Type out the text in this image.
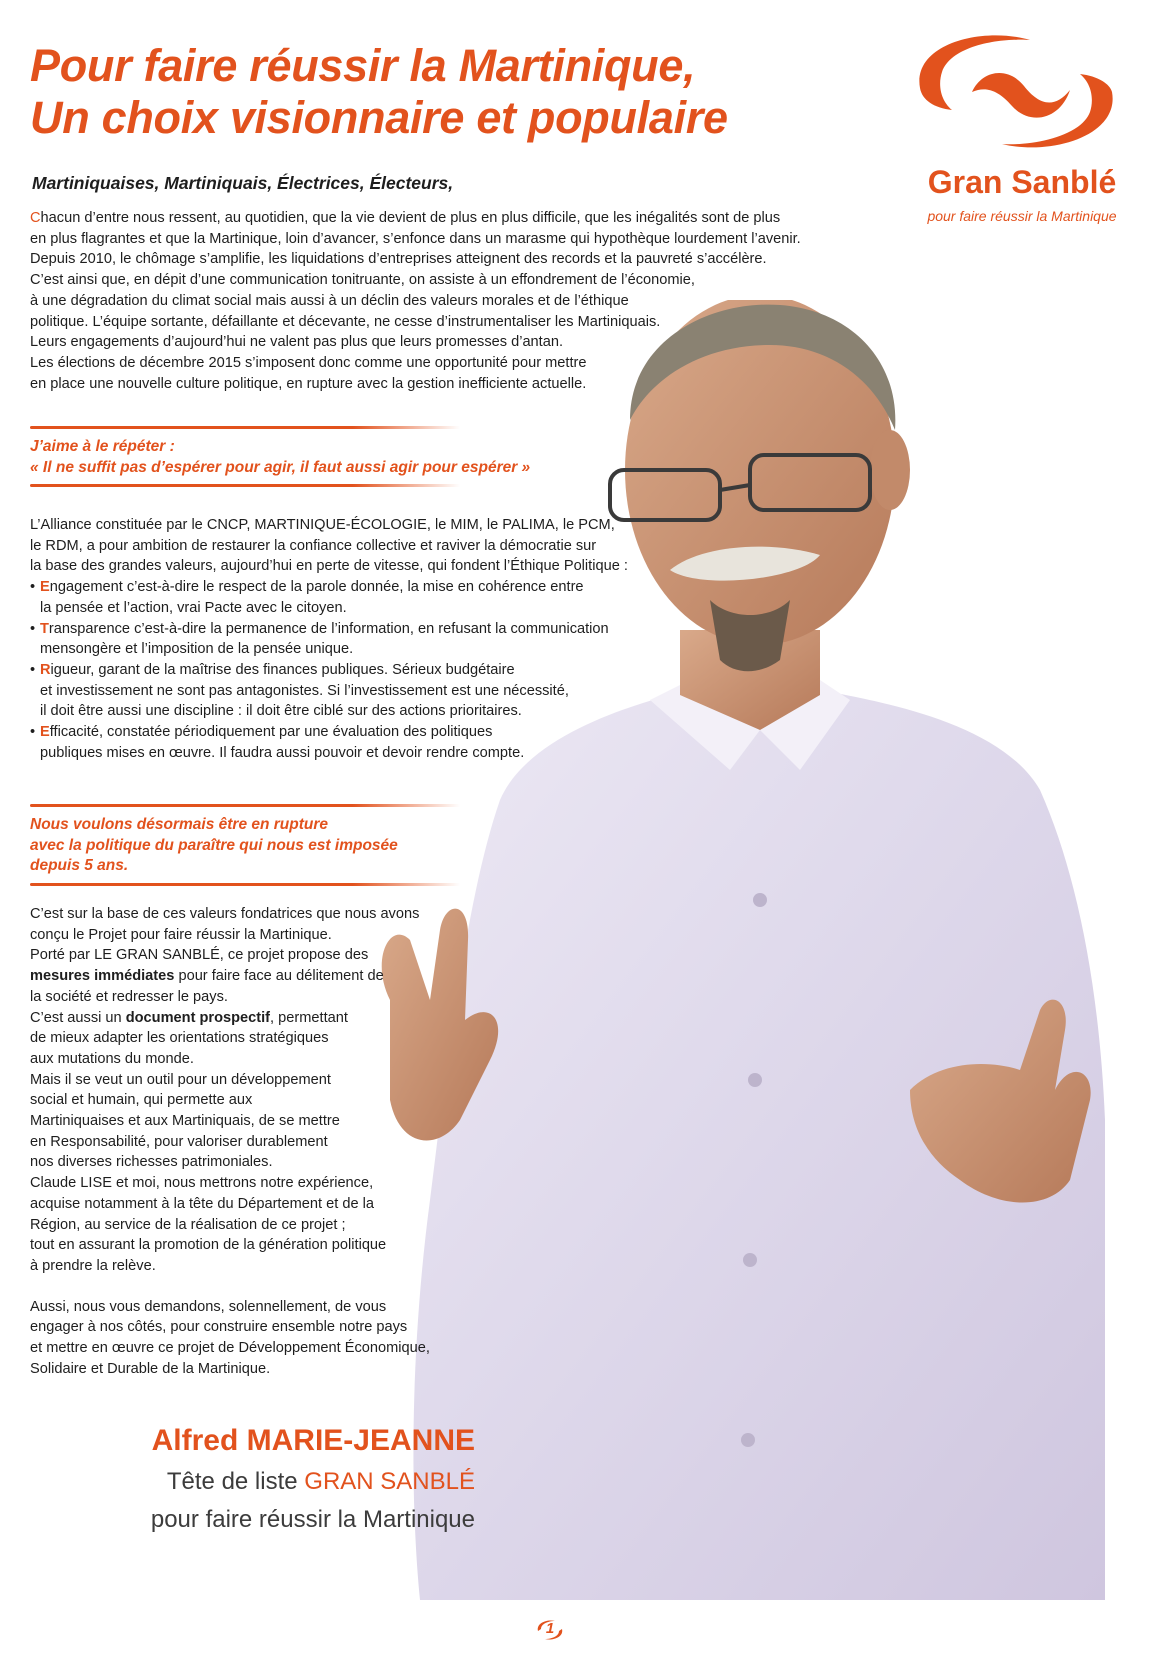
Pour faire réussir la Martinique,
Un choix visionnaire et populaire
Gran Sanblé
pour faire réussir la Martinique

Martiniquaises, Martiniquais, Électrices, Électeurs,

Chacun d’entre nous ressent, au quotidien, que la vie devient de plus en plus difficile, que les inégalités sont de plus
en plus flagrantes et que la Martinique, loin d’avancer, s’enfonce dans un marasme qui hypothèque lourdement l’avenir.
Depuis 2010, le chômage s’amplifie, les liquidations d’entreprises atteignent des records et la pauvreté s’accélère.
C’est ainsi que, en dépit d’une communication tonitruante, on assiste à un effondrement de l’économie,
à une dégradation du climat social mais aussi à un déclin des valeurs morales et de l’éthique
politique. L’équipe sortante, défaillante et décevante, ne cesse d’instrumentaliser les Martiniquais.
Leurs engagements d’aujourd’hui ne valent pas plus que leurs promesses d’antan.
Les élections de décembre 2015 s’imposent donc comme une opportunité pour mettre
en place une nouvelle culture politique, en rupture avec la gestion inefficiente actuelle.

J’aime à le répéter :
« Il ne suffit pas d’espérer pour agir, il faut aussi agir pour espérer »

L’Alliance constituée par le CNCP, MARTINIQUE-ÉCOLOGIE, le MIM, le PALIMA, le PCM,
le RDM, a pour ambition de restaurer la confiance collective et raviver la démocratie sur
la base des grandes valeurs, aujourd’hui en perte de vitesse, qui fondent l’Éthique Politique :
• Engagement c’est-à-dire le respect de la parole donnée, la mise en cohérence entre
la pensée et l’action, vrai Pacte avec le citoyen.
• Transparence c’est-à-dire la permanence de l’information, en refusant la communication
mensongère et l’imposition de la pensée unique.
• Rigueur, garant de la maîtrise des finances publiques. Sérieux budgétaire
et investissement ne sont pas antagonistes. Si l’investissement est une nécessité,
il doit être aussi une discipline : il doit être ciblé sur des actions prioritaires.
• Efficacité, constatée périodiquement par une évaluation des politiques
publiques mises en œuvre. Il faudra aussi pouvoir et devoir rendre compte.

Nous voulons désormais être en rupture
avec la politique du paraître qui nous est imposée
depuis 5 ans.

C’est sur la base de ces valeurs fondatrices que nous avons
conçu le Projet pour faire réussir la Martinique.
Porté par LE GRAN SANBLÉ, ce projet propose des
mesures immédiates pour faire face au délitement de
la société et redresser le pays.
C’est aussi un document prospectif, permettant
de mieux adapter les orientations stratégiques
aux mutations du monde.
Mais il se veut un outil pour un développement
social et humain, qui permette aux
Martiniquaises et aux Martiniquais, de se mettre
en Responsabilité, pour valoriser durablement
nos diverses richesses patrimoniales.
Claude LISE et moi, nous mettrons notre expérience,
acquise notamment à la tête du Département et de la
Région, au service de la réalisation de ce projet ;
tout en assurant la promotion de la génération politique
à prendre la relève.
Aussi, nous vous demandons, solennellement, de vous
engager à nos côtés, pour construire ensemble notre pays
et mettre en œuvre ce projet de Développement Économique,
Solidaire et Durable de la Martinique.

Alfred MARIE-JEANNE
Tête de liste GRAN SANBLÉ
pour faire réussir la Martinique
1
